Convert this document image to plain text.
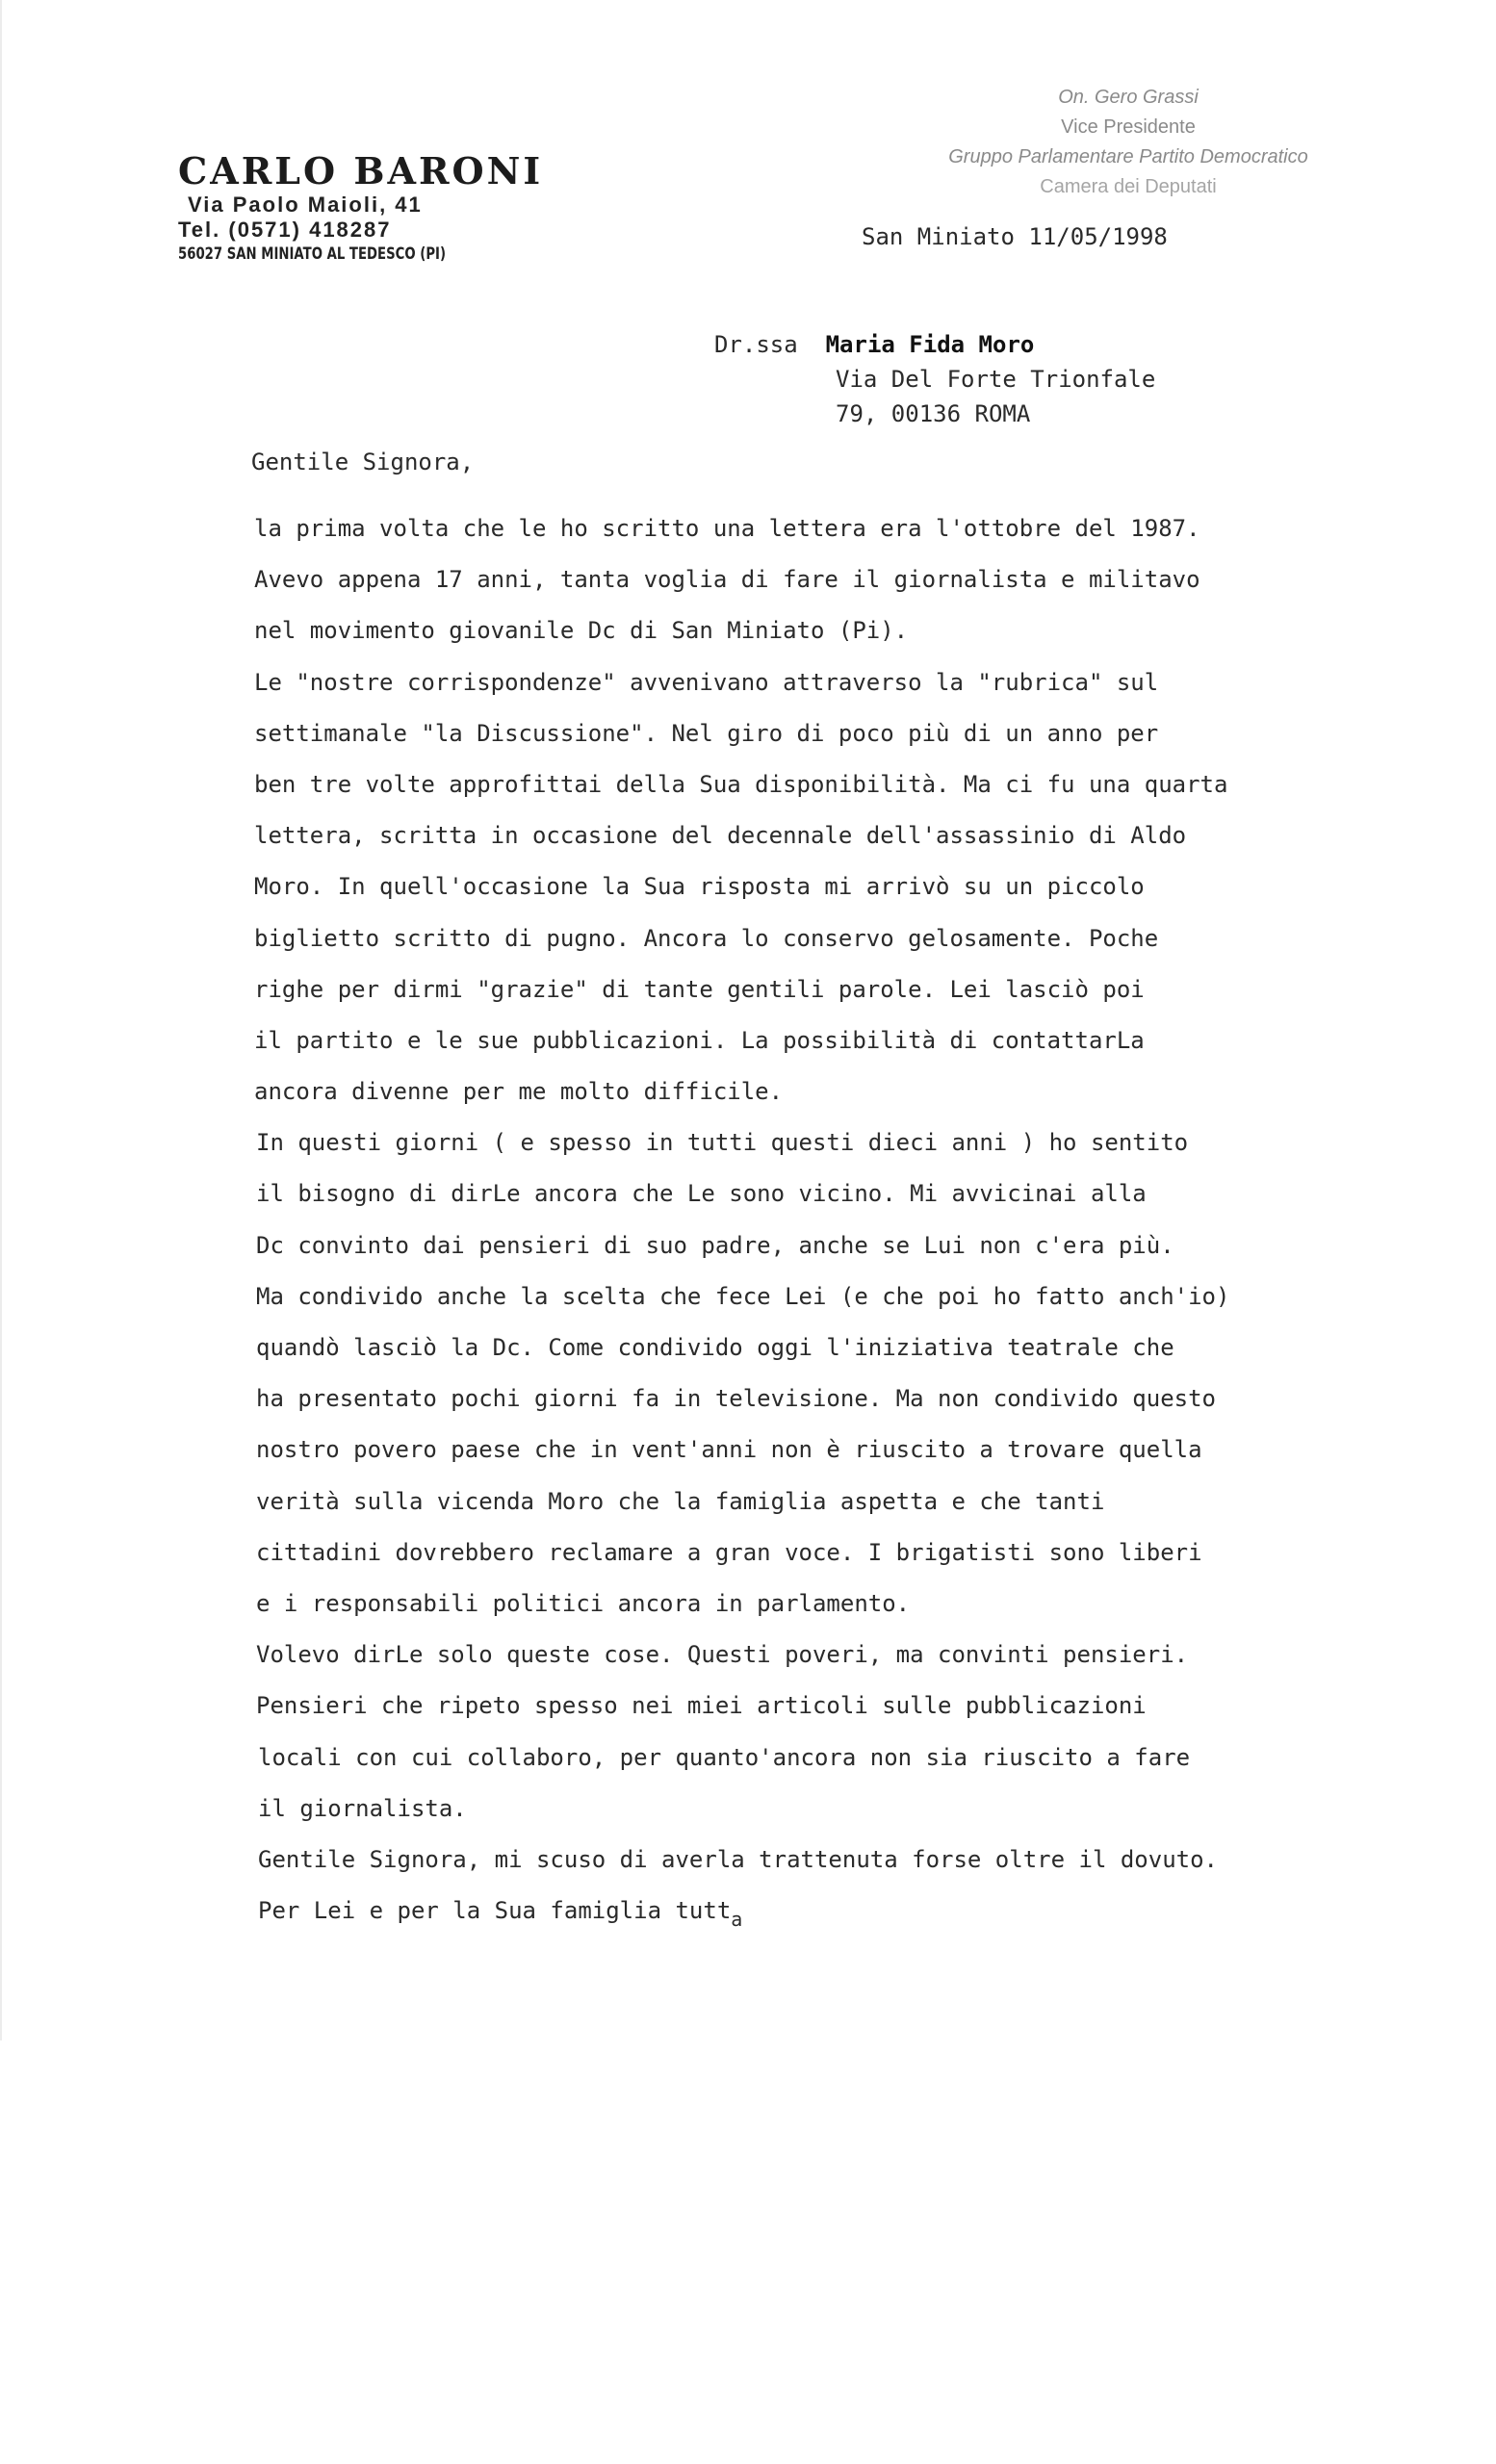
CARLO BARONI
Via Paolo Maioli, 41
Tel. (0571) 418287
56027 SAN MINIATO AL TEDESCO (PI)
On. Gero Grassi
Vice Presidente
Gruppo Parlamentare Partito Democratico
Camera dei Deputati
San Miniato 11/05/1998
Dr.ssa Maria Fida Moro
Via Del Forte Trionfale
79, 00136 ROMA
Gentile Signora,
la prima volta che le ho scritto una lettera era l'ottobre del 1987.
Avevo appena 17 anni, tanta voglia di fare il giornalista e militavo
nel movimento giovanile Dc di San Miniato (Pi).
Le "nostre corrispondenze" avvenivano attraverso la "rubrica" sul
settimanale "la Discussione". Nel giro di poco più di un anno per
ben tre volte approfittai della Sua disponibilità. Ma ci fu una quarta
lettera, scritta in occasione del decennale dell'assassinio di Aldo
Moro. In quell'occasione la Sua risposta mi arrivò su un piccolo
biglietto scritto di pugno. Ancora lo conservo gelosamente. Poche
righe per dirmi "grazie" di tante gentili parole. Lei lasciò poi
il partito e le sue pubblicazioni. La possibilità di contattarLa
ancora divenne per me molto difficile.
In questi giorni ( e spesso in tutti questi dieci anni ) ho sentito
il bisogno di dirLe ancora che Le sono vicino. Mi avvicinai alla
Dc convinto dai pensieri di suo padre, anche se Lui non c'era più.
Ma condivido anche la scelta che fece Lei (e che poi ho fatto anch'io)
quandò lasciò la Dc. Come condivido oggi l'iniziativa teatrale che
ha presentato pochi giorni fa in televisione. Ma non condivido questo
nostro povero paese che in vent'anni non è riuscito a trovare quella
verità sulla vicenda Moro che la famiglia aspetta e che tanti
cittadini dovrebbero reclamare a gran voce. I brigatisti sono liberi
e i responsabili politici ancora in parlamento.
Volevo dirLe solo queste cose. Questi poveri, ma convinti pensieri.
Pensieri che ripeto spesso nei miei articoli sulle pubblicazioni
locali con cui collaboro, per quanto'ancora non sia riuscito a fare
il giornalista.
Gentile Signora, mi scuso di averla trattenuta forse oltre il dovuto.
Per Lei e per la Sua famiglia tutt$_a$
